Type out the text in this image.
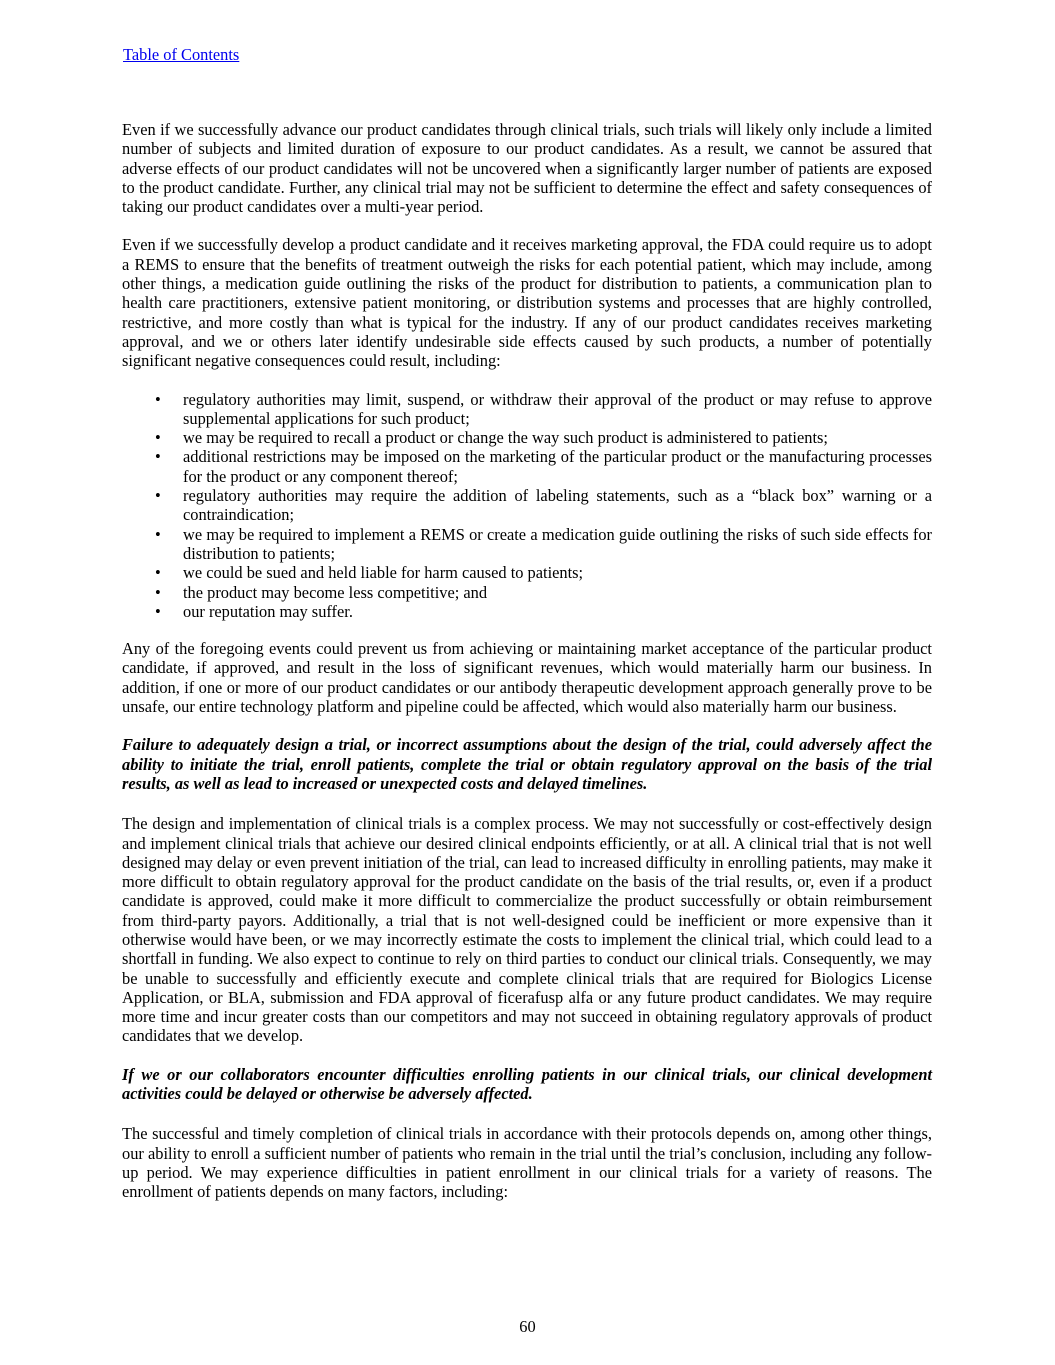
Table of Contents

Even if we successfully advance our product candidates through clinical trials, such trials will likely only include a limited number of subjects and limited duration of exposure to our product candidates. As a result, we cannot be assured that adverse effects of our product candidates will not be uncovered when a significantly larger number of patients are exposed to the product candidate. Further, any clinical trial may not be sufficient to determine the effect and safety consequences of taking our product candidates over a multi-year period.

Even if we successfully develop a product candidate and it receives marketing approval, the FDA could require us to adopt a REMS to ensure that the benefits of treatment outweigh the risks for each potential patient, which may include, among other things, a medication guide outlining the risks of the product for distribution to patients, a communication plan to health care practitioners, extensive patient monitoring, or distribution systems and processes that are highly controlled, restrictive, and more costly than what is typical for the industry. If any of our product candidates receives marketing approval, and we or others later identify undesirable side effects caused by such products, a number of potentially significant negative consequences could result, including:

•	regulatory authorities may limit, suspend, or withdraw their approval of the product or may refuse to approve supplemental applications for such product;
•	we may be required to recall a product or change the way such product is administered to patients;
•	additional restrictions may be imposed on the marketing of the particular product or the manufacturing processes for the product or any component thereof;
•	regulatory authorities may require the addition of labeling statements, such as a “black box” warning or a contraindication;
•	we may be required to implement a REMS or create a medication guide outlining the risks of such side effects for distribution to patients;
•	we could be sued and held liable for harm caused to patients;
•	the product may become less competitive; and
•	our reputation may suffer.

Any of the foregoing events could prevent us from achieving or maintaining market acceptance of the particular product candidate, if approved, and result in the loss of significant revenues, which would materially harm our business. In addition, if one or more of our product candidates or our antibody therapeutic development approach generally prove to be unsafe, our entire technology platform and pipeline could be affected, which would also materially harm our business.

Failure to adequately design a trial, or incorrect assumptions about the design of the trial, could adversely affect the ability to initiate the trial, enroll patients, complete the trial or obtain regulatory approval on the basis of the trial results, as well as lead to increased or unexpected costs and delayed timelines.

The design and implementation of clinical trials is a complex process. We may not successfully or cost-effectively design and implement clinical trials that achieve our desired clinical endpoints efficiently, or at all. A clinical trial that is not well designed may delay or even prevent initiation of the trial, can lead to increased difficulty in enrolling patients, may make it more difficult to obtain regulatory approval for the product candidate on the basis of the trial results, or, even if a product candidate is approved, could make it more difficult to commercialize the product successfully or obtain reimbursement from third-party payors. Additionally, a trial that is not well-designed could be inefficient or more expensive than it otherwise would have been, or we may incorrectly estimate the costs to implement the clinical trial, which could lead to a shortfall in funding. We also expect to continue to rely on third parties to conduct our clinical trials. Consequently, we may be unable to successfully and efficiently execute and complete clinical trials that are required for Biologics License Application, or BLA, submission and FDA approval of ficerafusp alfa or any future product candidates. We may require more time and incur greater costs than our competitors and may not succeed in obtaining regulatory approvals of product candidates that we develop.

If we or our collaborators encounter difficulties enrolling patients in our clinical trials, our clinical development activities could be delayed or otherwise be adversely affected.

The successful and timely completion of clinical trials in accordance with their protocols depends on, among other things, our ability to enroll a sufficient number of patients who remain in the trial until the trial’s conclusion, including any follow-up period. We may experience difficulties in patient enrollment in our clinical trials for a variety of reasons. The enrollment of patients depends on many factors, including:

60
